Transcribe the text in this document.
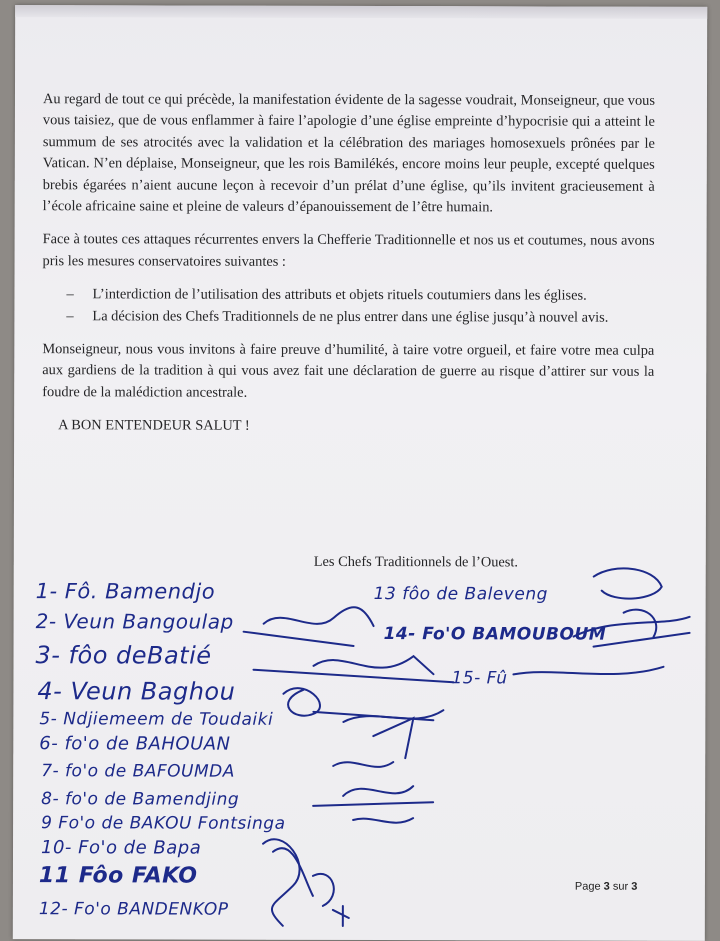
Au regard de tout ce qui précède, la manifestation évidente de la sagesse voudrait, Monseigneur, que vous vous taisiez, que de vous enflammer à faire l’apologie d’une église empreinte d’hypocrisie qui a atteint le summum de ses atrocités avec la validation et la célébration des mariages homosexuels prônées par le Vatican. N’en déplaise, Monseigneur, que les rois Bamilékés, encore moins leur peuple, excepté quelques brebis égarées n’aient aucune leçon à recevoir d’un prélat d’une église, qu’ils invitent gracieusement à l’école africaine saine et pleine de valeurs d’épanouissement de l’être humain.

Face à toutes ces attaques récurrentes envers la Chefferie Traditionnelle et nos us et coutumes, nous avons pris les mesures conservatoires suivantes :

– L’interdiction de l’utilisation des attributs et objets rituels coutumiers dans les églises.
– La décision des Chefs Traditionnels de ne plus entrer dans une église jusqu’à nouvel avis.

Monseigneur, nous vous invitons à faire preuve d’humilité, à taire votre orgueil, et faire votre mea culpa aux gardiens de la tradition à qui vous avez fait une déclaration de guerre au risque d’attirer sur vous la foudre de la malédiction ancestrale.

A BON ENTENDEUR SALUT !

Les Chefs Traditionnels de l’Ouest.
1- Fô. Bamendjo
2- Veun Bangoulap
3- fôo deBatié
4- Veun Baghou
5- Ndjiemeem de Toudaiki
6- fo'o de BAHOUAN
7- fo'o de BAFOUMDA
8- fo'o de Bamendjing
9 Fo'o de BAKOU Fontsinga
10- Fo'o de Bapa
11 Fôo FAKO
12- Fo'o BANDENKOP
13 fôo de Baleveng
14- Fo'O BAMOUBOUM
15- Fû
Page 3 sur 3
